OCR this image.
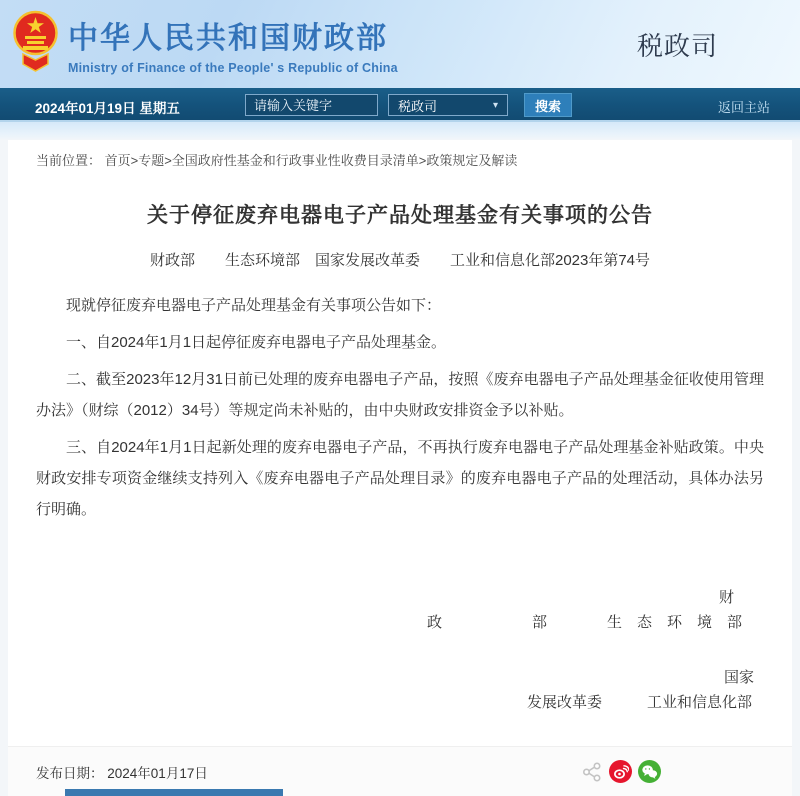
中华人民共和国财政部
Ministry of Finance of the People' s Republic of China
税政司
2024年01月19日 星期五
请输入关键字	税政司	▾	搜索	返回主站
当前位置： 首页>专题>全国政府性基金和行政事业性收费目录清单>政策规定及解读
关于停征废弃电器电子产品处理基金有关事项的公告
财政部　　生态环境部　国家发展改革委　　工业和信息化部2023年第74号

现就停征废弃电器电子产品处理基金有关事项公告如下：

一、自2024年1月1日起停征废弃电器电子产品处理基金。

二、截至2023年12月31日前已处理的废弃电器电子产品，按照《废弃电器电子产品处理基金征收使用管理办法》（财综（2012）34号）等规定尚未补贴的，由中央财政安排资金予以补贴。

三、自2024年1月1日起新处理的废弃电器电子产品，不再执行废弃电器电子产品处理基金补贴政策。中央财政安排专项资金继续支持列入《废弃电器电子产品处理目录》的废弃电器电子产品的处理活动，具体办法另行明确。

财
政　　　　　　部　　　　生　态　环　境　部
国家
发展改革委　　　工业和信息化部
发布日期： 2024年01月17日
